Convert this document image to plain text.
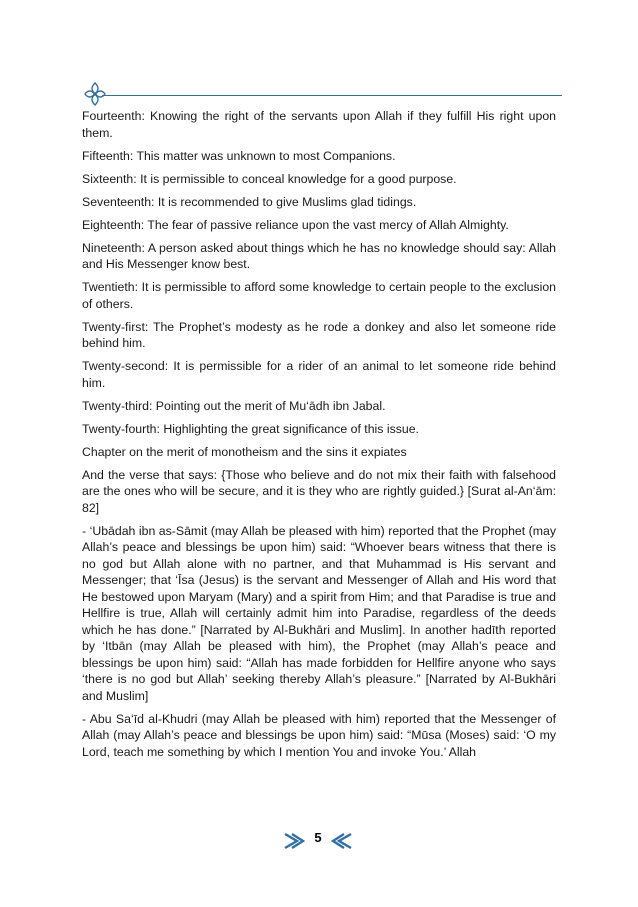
Fourteenth: Knowing the right of the servants upon Allah if they fulfill His right upon them.

Fifteenth: This matter was unknown to most Companions.

Sixteenth: It is permissible to conceal knowledge for a good purpose.

Seventeenth: It is recommended to give Muslims glad tidings.

Eighteenth: The fear of passive reliance upon the vast mercy of Allah Almighty.

Nineteenth: A person asked about things which he has no knowledge should say: Allah and His Messenger know best.

Twentieth: It is permissible to afford some knowledge to certain people to the exclusion of others.

Twenty-first: The Prophet’s modesty as he rode a donkey and also let someone ride behind him.

Twenty-second: It is permissible for a rider of an animal to let someone ride behind him.

Twenty-third: Pointing out the merit of Mu‘ādh ibn Jabal.

Twenty-fourth: Highlighting the great significance of this issue.

Chapter on the merit of monotheism and the sins it expiates

And the verse that says: {Those who believe and do not mix their faith with falsehood are the ones who will be secure, and it is they who are rightly guided.} [Surat al-An‘ām: 82]

- ‘Ubādah ibn as-Sāmit (may Allah be pleased with him) reported that the Prophet (may Allah’s peace and blessings be upon him) said: “Whoever bears witness that there is no god but Allah alone with no partner, and that Muhammad is His servant and Messenger; that ‘Īsa (Jesus) is the servant and Messenger of Allah and His word that He bestowed upon Maryam (Mary) and a spirit from Him; and that Paradise is true and Hellfire is true, Allah will certainly admit him into Paradise, regardless of the deeds which he has done.” [Narrated by Al-Bukhāri and Muslim]. In another hadīth reported by ‘Itbān (may Allah be pleased with him), the Prophet (may Allah’s peace and blessings be upon him) said: “Allah has made forbidden for Hellfire anyone who says ‘there is no god but Allah’ seeking thereby Allah’s pleasure.” [Narrated by Al-Bukhāri and Muslim]

- Abu Sa‘īd al-Khudri (may Allah be pleased with him) reported that the Messenger of Allah (may Allah’s peace and blessings be upon him) said: “Mūsa (Moses) said: ‘O my Lord, teach me something by which I mention You and invoke You.’ Allah

5
